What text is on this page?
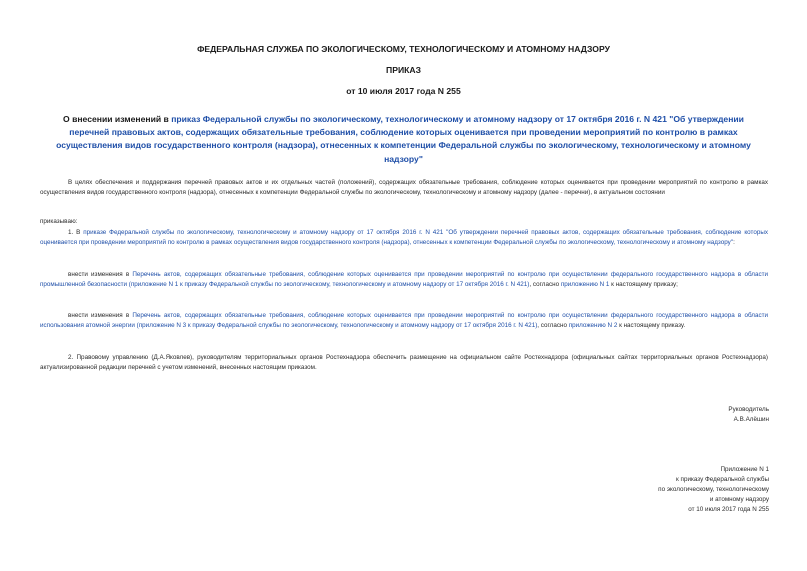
ФЕДЕРАЛЬНАЯ СЛУЖБА ПО ЭКОЛОГИЧЕСКОМУ, ТЕХНОЛОГИЧЕСКОМУ И АТОМНОМУ НАДЗОРУ
ПРИКАЗ
от 10 июля 2017 года N 255
О внесении изменений в приказ Федеральной службы по экологическому, технологическому и атомному надзору от 17 октября 2016 г. N 421 "Об утверждении перечней правовых актов, содержащих обязательные требования, соблюдение которых оценивается при проведении мероприятий по контролю в рамках осуществления видов государственного контроля (надзора), отнесенных к компетенции Федеральной службы по экологическому, технологическому и атомному надзору"
В целях обеспечения и поддержания перечней правовых актов и их отдельных частей (положений), содержащих обязательные требования, соблюдение которых оценивается при проведении мероприятий по контролю в рамках осуществления видов государственного контроля (надзора), отнесенных к компетенции Федеральной службы по экологическому, технологическому и атомному надзору (далее - перечни), в актуальном состоянии
приказываю:
1. В приказе Федеральной службы по экологическому, технологическому и атомному надзору от 17 октября 2016 г. N 421 "Об утверждении перечней правовых актов, содержащих обязательные требования, соблюдение которых оценивается при проведении мероприятий по контролю в рамках осуществления видов государственного контроля (надзора), отнесенных к компетенции Федеральной службы по экологическому, технологическому и атомному надзору":
внести изменения в Перечень актов, содержащих обязательные требования, соблюдение которых оценивается при проведении мероприятий по контролю при осуществлении федерального государственного надзора в области промышленной безопасности (приложение N 1 к приказу Федеральной службы по экологическому, технологическому и атомному надзору от 17 октября 2016 г. N 421), согласно приложению N 1 к настоящему приказу;
внести изменения в Перечень актов, содержащих обязательные требования, соблюдение которых оценивается при проведении мероприятий по контролю при осуществлении федерального государственного надзора в области использования атомной энергии (приложение N 3 к приказу Федеральной службы по экологическому, технологическому и атомному надзору от 17 октября 2016 г. N 421), согласно приложению N 2 к настоящему приказу.
2. Правовому управлению (Д.А.Яковлев), руководителям территориальных органов Ростехнадзора обеспечить размещение на официальном сайте Ростехнадзора (официальных сайтах территориальных органов Ростехнадзора) актуализированной редакции перечней с учетом изменений, внесенных настоящим приказом.
Руководитель
А.В.Алёшин
Приложение N 1
к приказу Федеральной службы
по экологическому, технологическому
и атомному надзору
от 10 июля 2017 года N 255
